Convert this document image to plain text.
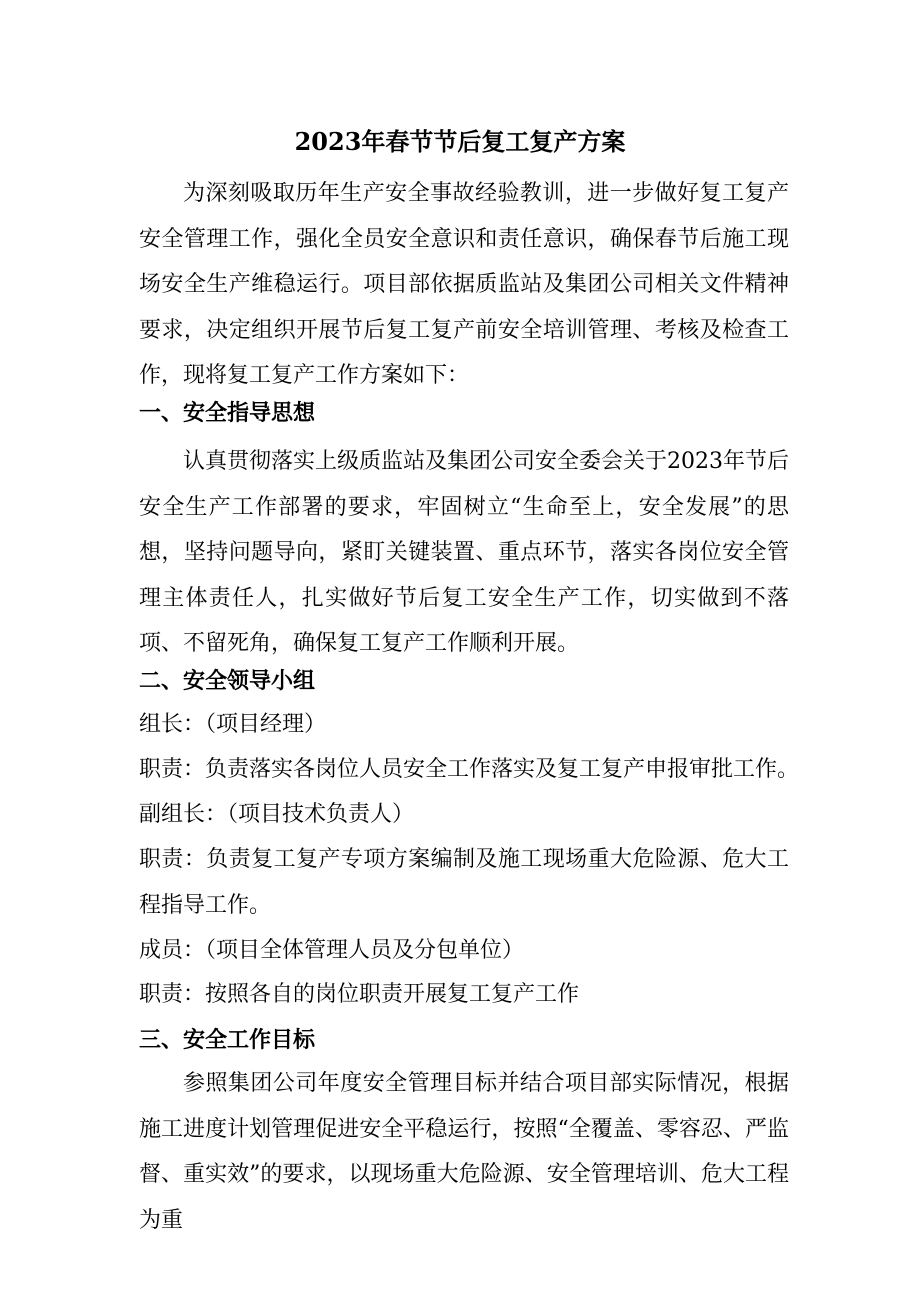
2023年春节节后复工复产方案

为深刻吸取历年生产安全事故经验教训，进一步做好复工复产安全管理工作，强化全员安全意识和责任意识，确保春节后施工现场安全生产维稳运行。项目部依据质监站及集团公司相关文件精神要求，决定组织开展节后复工复产前安全培训管理、考核及检查工作，现将复工复产工作方案如下：

一、安全指导思想

认真贯彻落实上级质监站及集团公司安全委会关于2023年节后安全生产工作部署的要求，牢固树立“生命至上，安全发展”的思想，坚持问题导向，紧盯关键装置、重点环节，落实各岗位安全管理主体责任人，扎实做好节后复工安全生产工作，切实做到不落项、不留死角，确保复工复产工作顺利开展。

二、安全领导小组

组长：（项目经理）

职责：负责落实各岗位人员安全工作落实及复工复产申报审批工作。

副组长：（项目技术负责人）

职责：负责复工复产专项方案编制及施工现场重大危险源、危大工程指导工作。

成员：（项目全体管理人员及分包单位）

职责：按照各自的岗位职责开展复工复产工作

三、安全工作目标

参照集团公司年度安全管理目标并结合项目部实际情况，根据施工进度计划管理促进安全平稳运行，按照“全覆盖、零容忍、严监督、重实效”的要求，以现场重大危险源、安全管理培训、危大工程为重
